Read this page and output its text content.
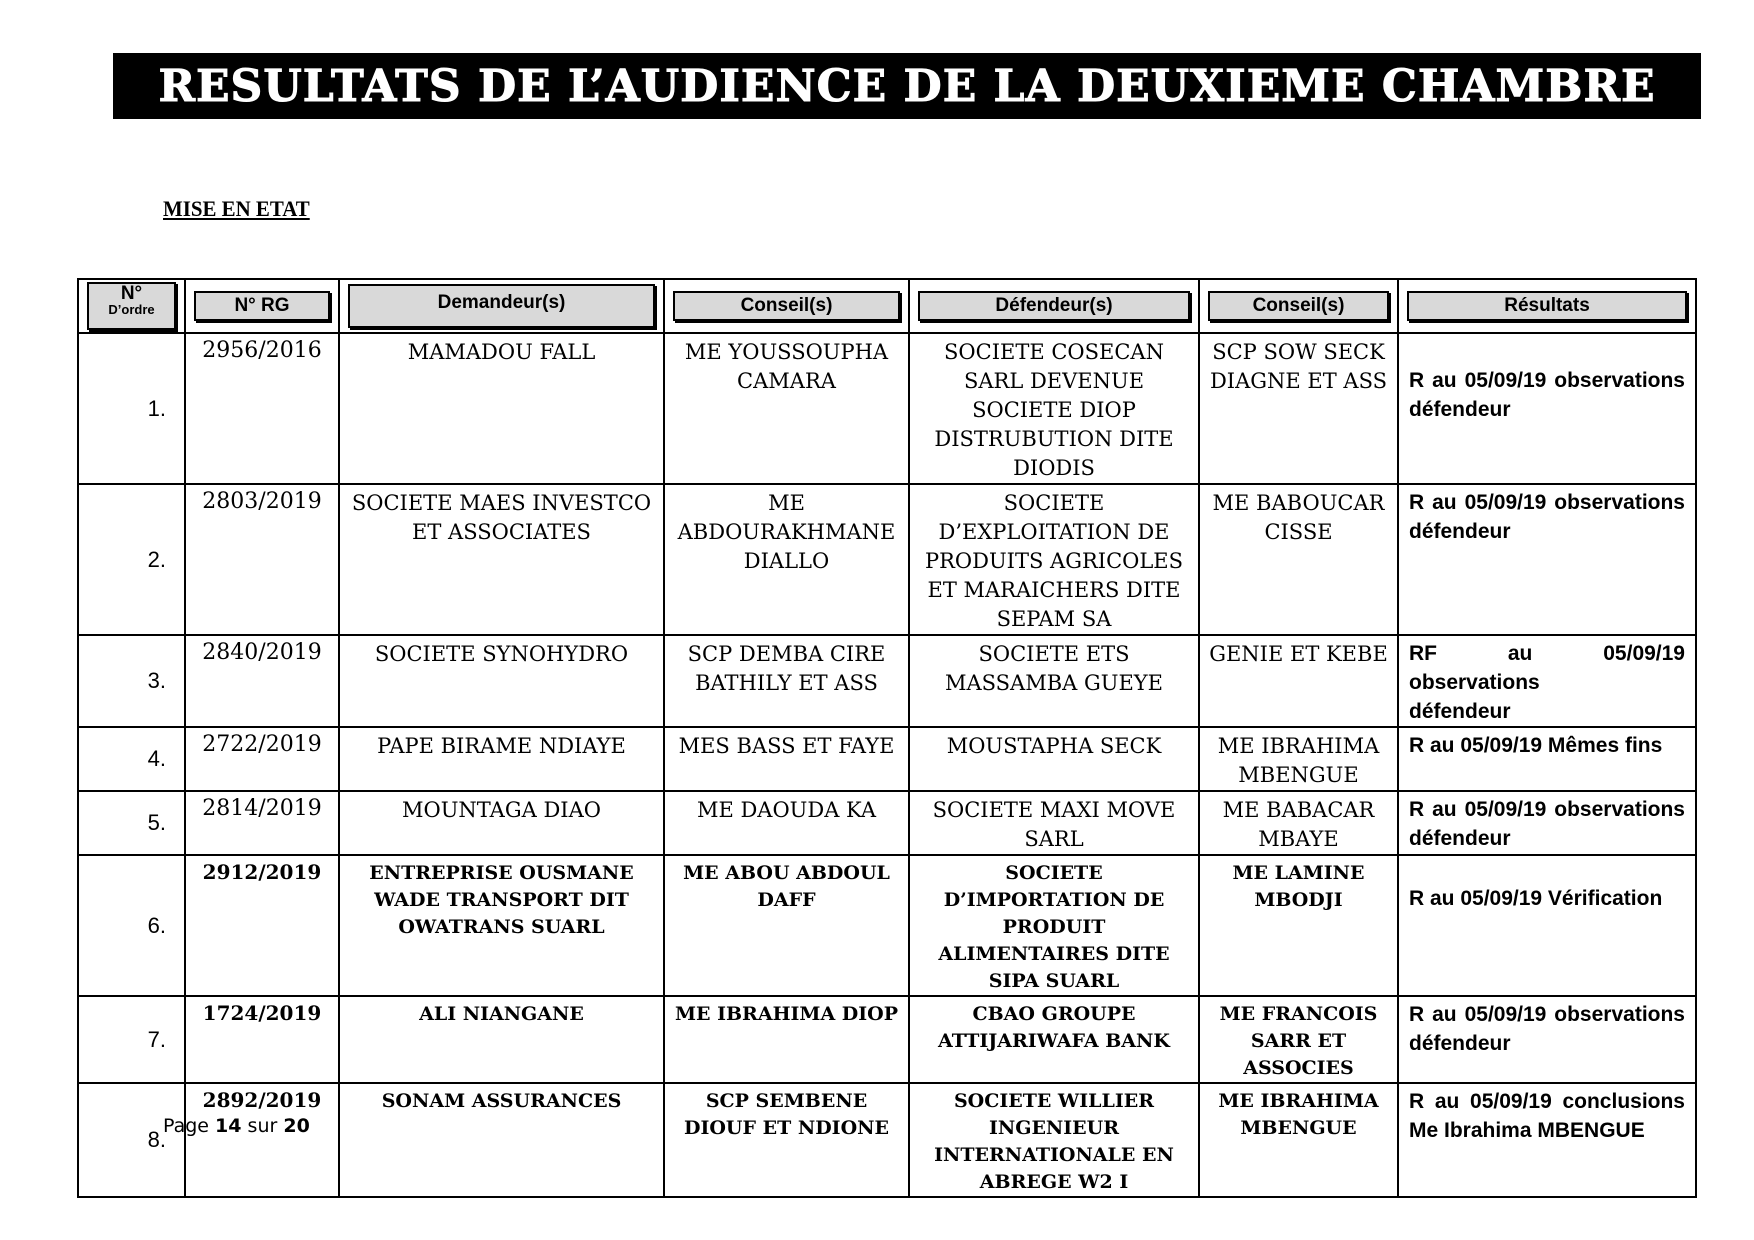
RESULTATS DE L’AUDIENCE DE LA DEUXIEME CHAMBRE
MISE EN ETAT
N°
D’ordre	N° RG	Demandeur(s)	Conseil(s)	Défendeur(s)	Conseil(s)	Résultats

1.	2956/2016	MAMADOU FALL	ME YOUSSOUPHA CAMARA	SOCIETE COSECAN SARL DEVENUE SOCIETE DIOP DISTRUBUTION DITE DIODIS	SCP SOW SECK DIAGNE ET ASS	R au 05/09/19 observations défendeur
2.	2803/2019	SOCIETE MAES INVESTCO ET ASSOCIATES	ME ABDOURAKHMANE DIALLO	SOCIETE D’EXPLOITATION DE PRODUITS AGRICOLES ET MARAICHERS DITE SEPAM SA	ME BABOUCAR CISSE	R au 05/09/19 observations défendeur
3.	2840/2019	SOCIETE SYNOHYDRO	SCP DEMBA CIRE BATHILY ET ASS	SOCIETE ETS MASSAMBA GUEYE	GENIE ET KEBE	RF au 05/09/19 observations défendeur
4.	2722/2019	PAPE BIRAME NDIAYE	MES BASS ET FAYE	MOUSTAPHA SECK	ME IBRAHIMA MBENGUE	R au 05/09/19 Mêmes fins
5.	2814/2019	MOUNTAGA DIAO	ME DAOUDA KA	SOCIETE MAXI MOVE SARL	ME BABACAR MBAYE	R au 05/09/19 observations défendeur
6.	2912/2019	ENTREPRISE OUSMANE WADE TRANSPORT DIT OWATRANS SUARL	ME ABOU ABDOUL DAFF	SOCIETE D’IMPORTATION DE PRODUIT ALIMENTAIRES DITE SIPA SUARL	ME LAMINE MBODJI	R au 05/09/19 Vérification
7.	1724/2019	ALI NIANGANE	ME IBRAHIMA DIOP	CBAO GROUPE ATTIJARIWAFA BANK	ME FRANCOIS SARR ET ASSOCIES	R au 05/09/19 observations défendeur
8.	2892/2019	SONAM ASSURANCES	SCP SEMBENE DIOUF ET NDIONE	SOCIETE WILLIER INGENIEUR INTERNATIONALE EN ABREGE W2 I	ME IBRAHIMA MBENGUE	R au 05/09/19 conclusions Me Ibrahima MBENGUE
Page 14 sur 20
